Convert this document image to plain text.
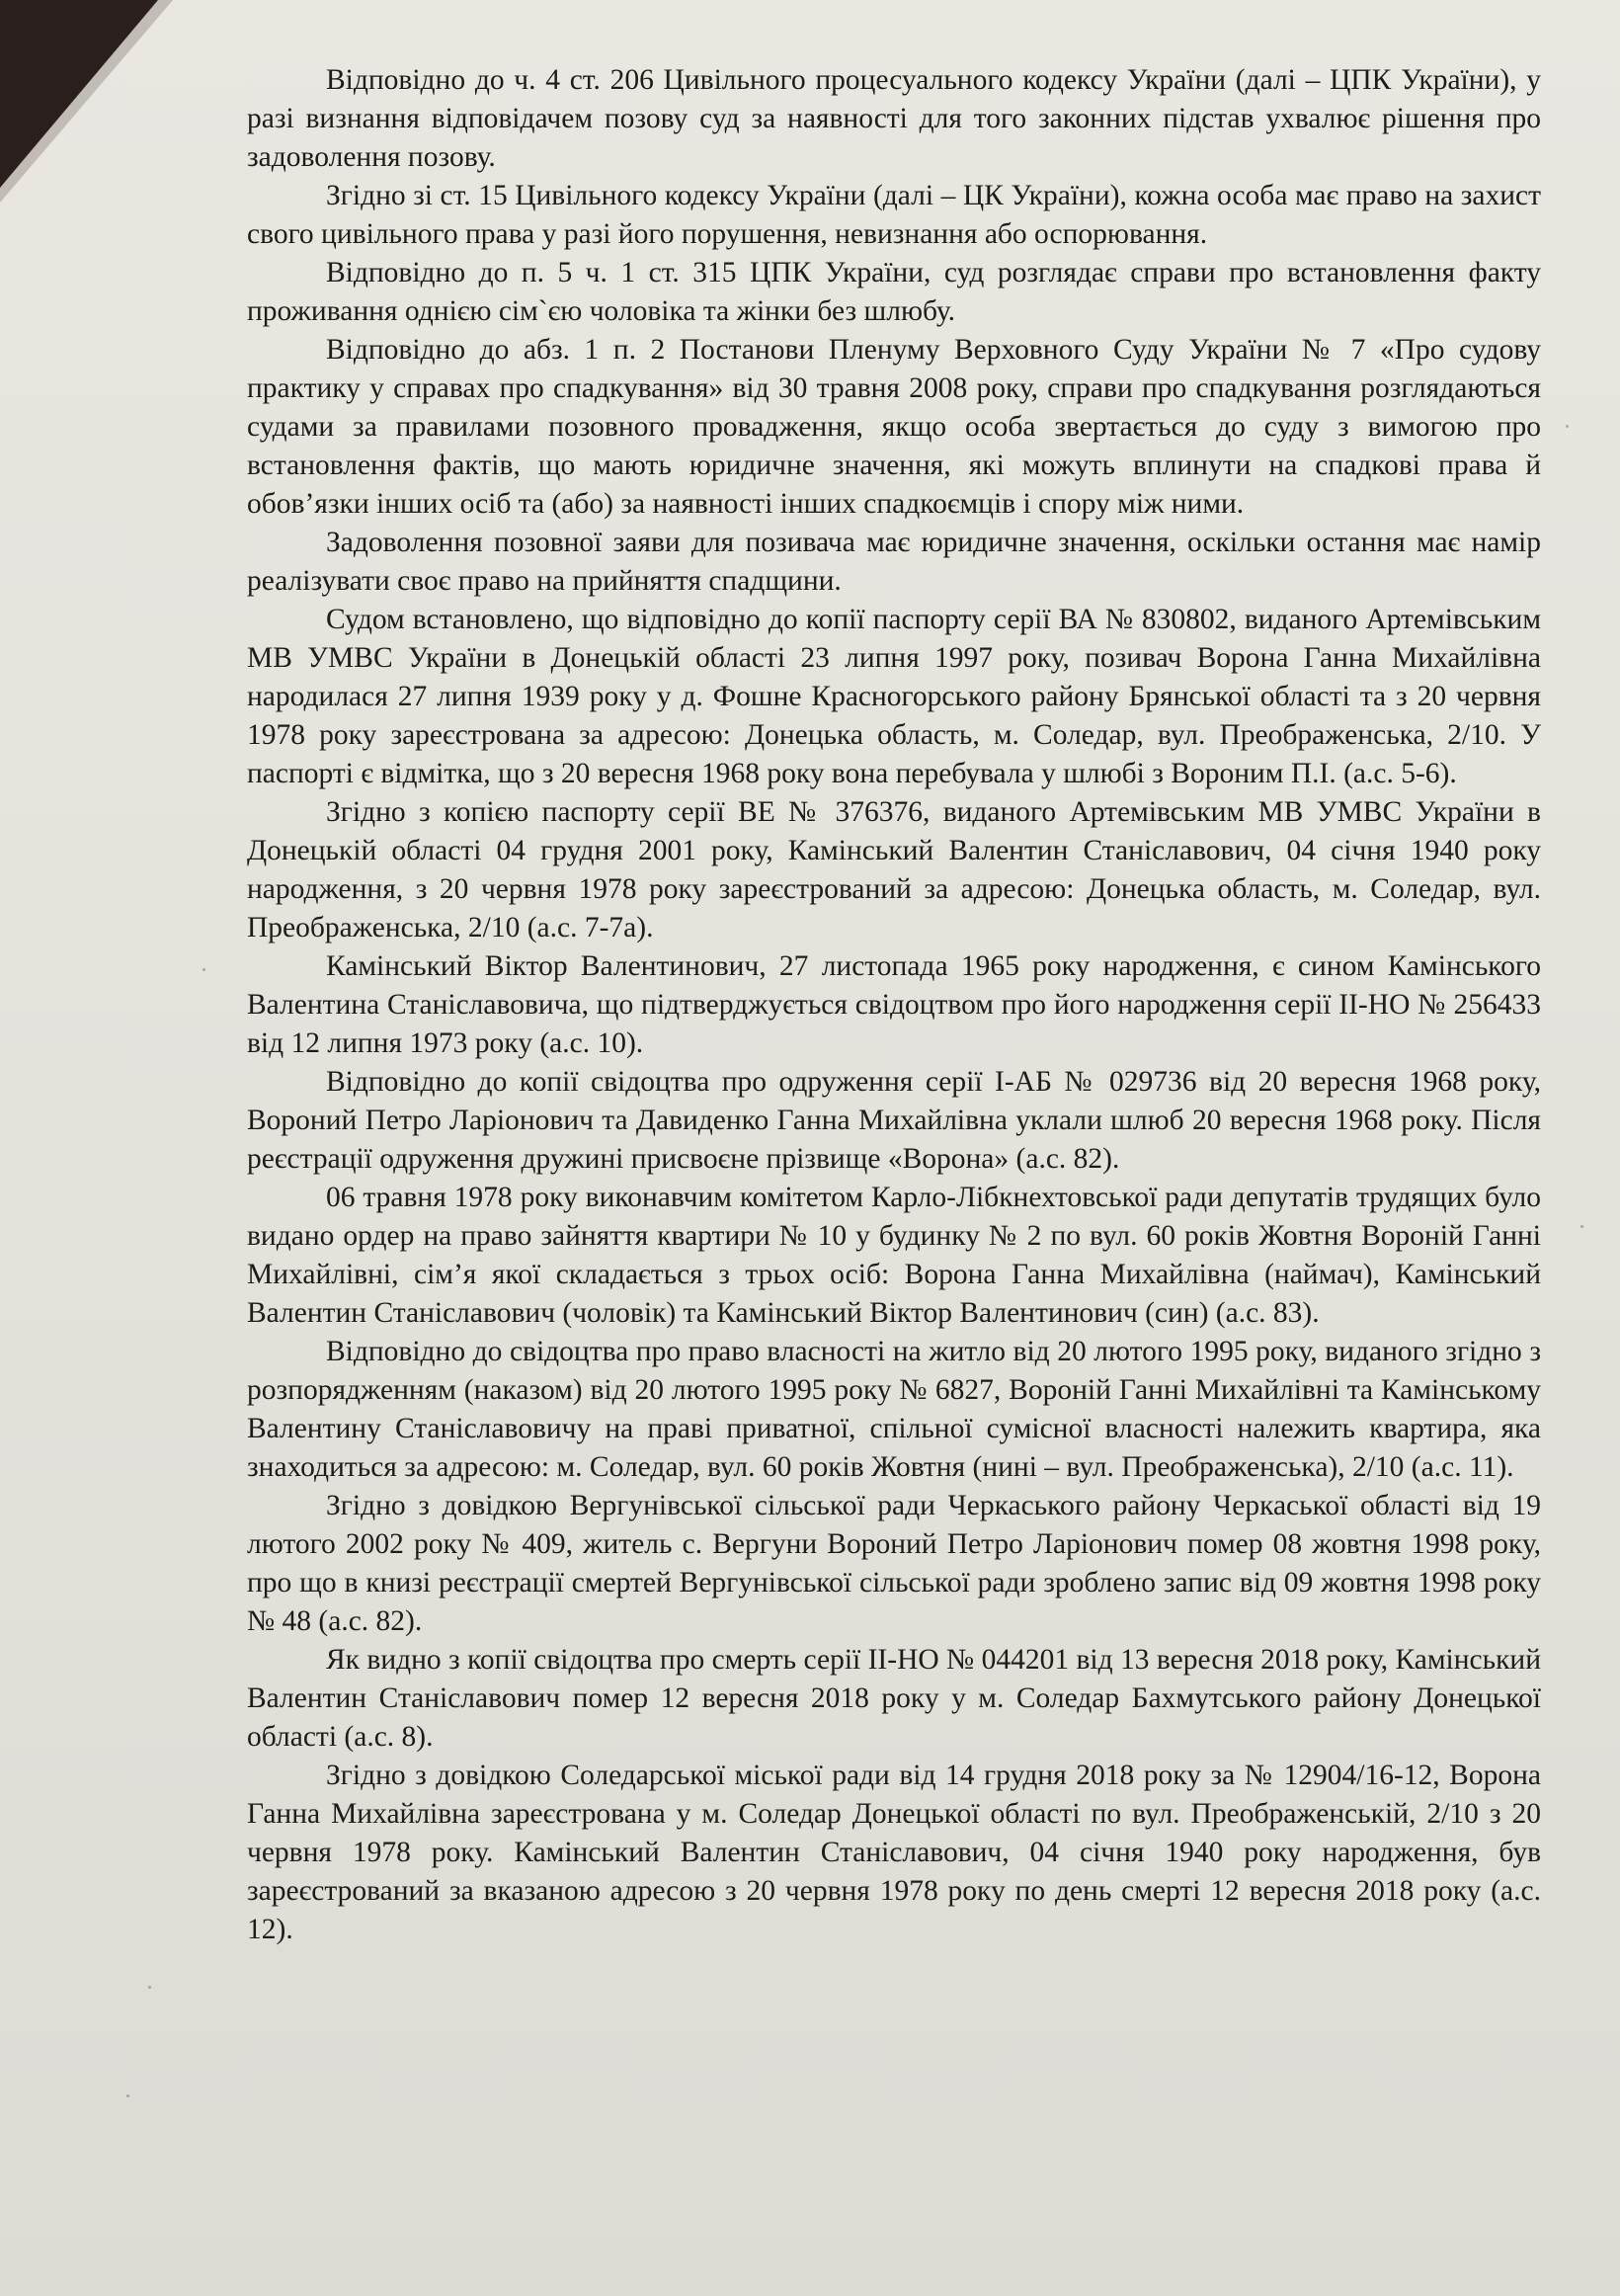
Відповідно до ч. 4 ст. 206 Цивільного процесуального кодексу України (далі – ЦПК України), у разі визнання відповідачем позову суд за наявності для того законних підстав ухвалює рішення про задоволення позову.

Згідно зі ст. 15 Цивільного кодексу України (далі – ЦК України), кожна особа має право на захист свого цивільного права у разі його порушення, невизнання або оспорювання.

Відповідно до п. 5 ч. 1 ст. 315 ЦПК України, суд розглядає справи про встановлення факту проживання однією сім`єю чоловіка та жінки без шлюбу.

Відповідно до абз. 1 п. 2 Постанови Пленуму Верховного Суду України № 7 «Про судову практику у справах про спадкування» від 30 травня 2008 року, справи про спадкування розглядаються судами за правилами позовного провадження, якщо особа звертається до суду з вимогою про встановлення фактів, що мають юридичне значення, які можуть вплинути на спадкові права й обов’язки інших осіб та (або) за наявності інших спадкоємців і спору між ними.

Задоволення позовної заяви для позивача має юридичне значення, оскільки остання має намір реалізувати своє право на прийняття спадщини.

Судом встановлено, що відповідно до копії паспорту серії ВА № 830802, виданого Артемівським МВ УМВС України в Донецькій області 23 липня 1997 року, позивач Ворона Ганна Михайлівна народилася 27 липня 1939 року у д. Фошне Красногорського району Брянської області та з 20 червня 1978 року зареєстрована за адресою: Донецька область, м. Соледар, вул. Преображенська, 2/10. У паспорті є відмітка, що з 20 вересня 1968 року вона перебувала у шлюбі з Вороним П.І. (а.с. 5-6).

Згідно з копією паспорту серії ВЕ № 376376, виданого Артемівським МВ УМВС України в Донецькій області 04 грудня 2001 року, Камінський Валентин Станіславович, 04 січня 1940 року народження, з 20 червня 1978 року зареєстрований за адресою: Донецька область, м. Соледар, вул. Преображенська, 2/10 (а.с. 7-7а).

Камінський Віктор Валентинович, 27 листопада 1965 року народження, є сином Камінського Валентина Станіславовича, що підтверджується свідоцтвом про його народження серії ІІ-НО № 256433 від 12 липня 1973 року (а.с. 10).

Відповідно до копії свідоцтва про одруження серії І-АБ № 029736 від 20 вересня 1968 року, Вороний Петро Ларіонович та Давиденко Ганна Михайлівна уклали шлюб 20 вересня 1968 року. Після реєстрації одруження дружині присвоєне прізвище «Ворона» (а.с. 82).

06 травня 1978 року виконавчим комітетом Карло-Лібкнехтовської ради депутатів трудящих було видано ордер на право зайняття квартири № 10 у будинку № 2 по вул. 60 років Жовтня Вороній Ганні Михайлівні, сім’я якої складається з трьох осіб: Ворона Ганна Михайлівна (наймач), Камінський Валентин Станіславович (чоловік) та Камінський Віктор Валентинович (син) (а.с. 83).

Відповідно до свідоцтва про право власності на житло від 20 лютого 1995 року, виданого згідно з розпорядженням (наказом) від 20 лютого 1995 року № 6827, Вороній Ганні Михайлівні та Камінському Валентину Станіславовичу на праві приватної, спільної сумісної власності належить квартира, яка знаходиться за адресою: м. Соледар, вул. 60 років Жовтня (нині – вул. Преображенська), 2/10 (а.с. 11).

Згідно з довідкою Вергунівської сільської ради Черкаського району Черкаської області від 19 лютого 2002 року № 409, житель с. Вергуни Вороний Петро Ларіонович помер 08 жовтня 1998 року, про що в книзі реєстрації смертей Вергунівської сільської ради зроблено запис від 09 жовтня 1998 року № 48 (а.с. 82).

Як видно з копії свідоцтва про смерть серії ІІ-НО № 044201 від 13 вересня 2018 року, Камінський Валентин Станіславович помер 12 вересня 2018 року у м. Соледар Бахмутського району Донецької області (а.с. 8).

Згідно з довідкою Соледарської міської ради від 14 грудня 2018 року за № 12904/16-12, Ворона Ганна Михайлівна зареєстрована у м. Соледар Донецької області по вул. Преображенській, 2/10 з 20 червня 1978 року. Камінський Валентин Станіславович, 04 січня 1940 року народження, був зареєстрований за вказаною адресою з 20 червня 1978 року по день смерті 12 вересня 2018 року (а.с. 12).
